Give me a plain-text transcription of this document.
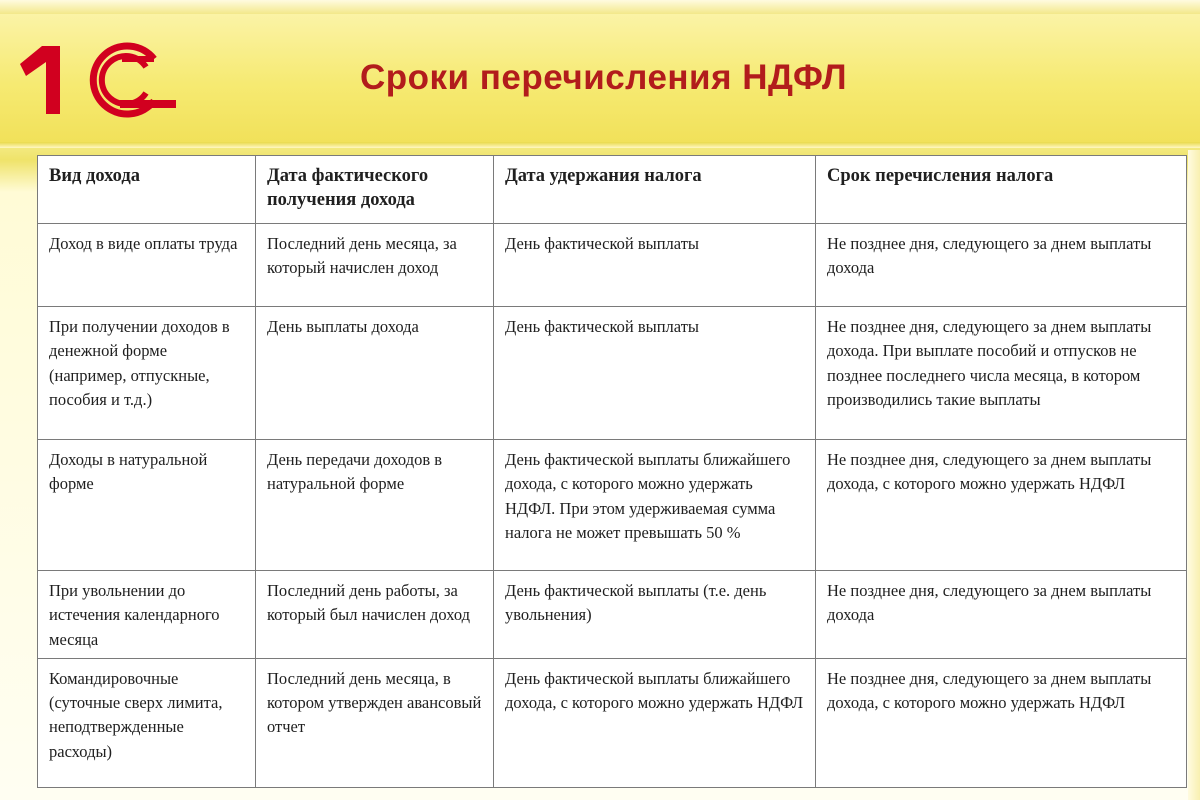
Сроки перечисления НДФЛ
Вид дохода	Дата фактического получения дохода	Дата удержания налога	Срок перечисления налога
Доход в виде оплаты труда	Последний день месяца, за который начислен доход	День фактической выплаты	Не позднее дня, следующего за днем выплаты дохода
При получении доходов в денежной форме (например, отпускные, пособия и т.д.)	День выплаты дохода	День фактической выплаты	Не позднее дня, следующего за днем выплаты дохода. При выплате пособий и отпусков не позднее последнего числа месяца, в котором производились такие выплаты
Доходы в натуральной форме	День передачи доходов в натуральной форме	День фактической выплаты ближайшего дохода, с которого можно удержать НДФЛ. При этом удерживаемая сумма налога не может превышать 50 %	Не позднее дня, следующего за днем выплаты дохода, с которого можно удержать НДФЛ
При увольнении до истечения календарного месяца	Последний день работы, за который был начислен доход	День фактической выплаты (т.е. день увольнения)	Не позднее дня, следующего за днем выплаты дохода
Командировочные (суточные сверх лимита, неподтвержденные расходы)	Последний день месяца, в котором утвержден авансовый отчет	День фактической выплаты ближайшего дохода, с которого можно удержать НДФЛ	Не позднее дня, следующего за днем выплаты дохода, с которого можно удержать НДФЛ
